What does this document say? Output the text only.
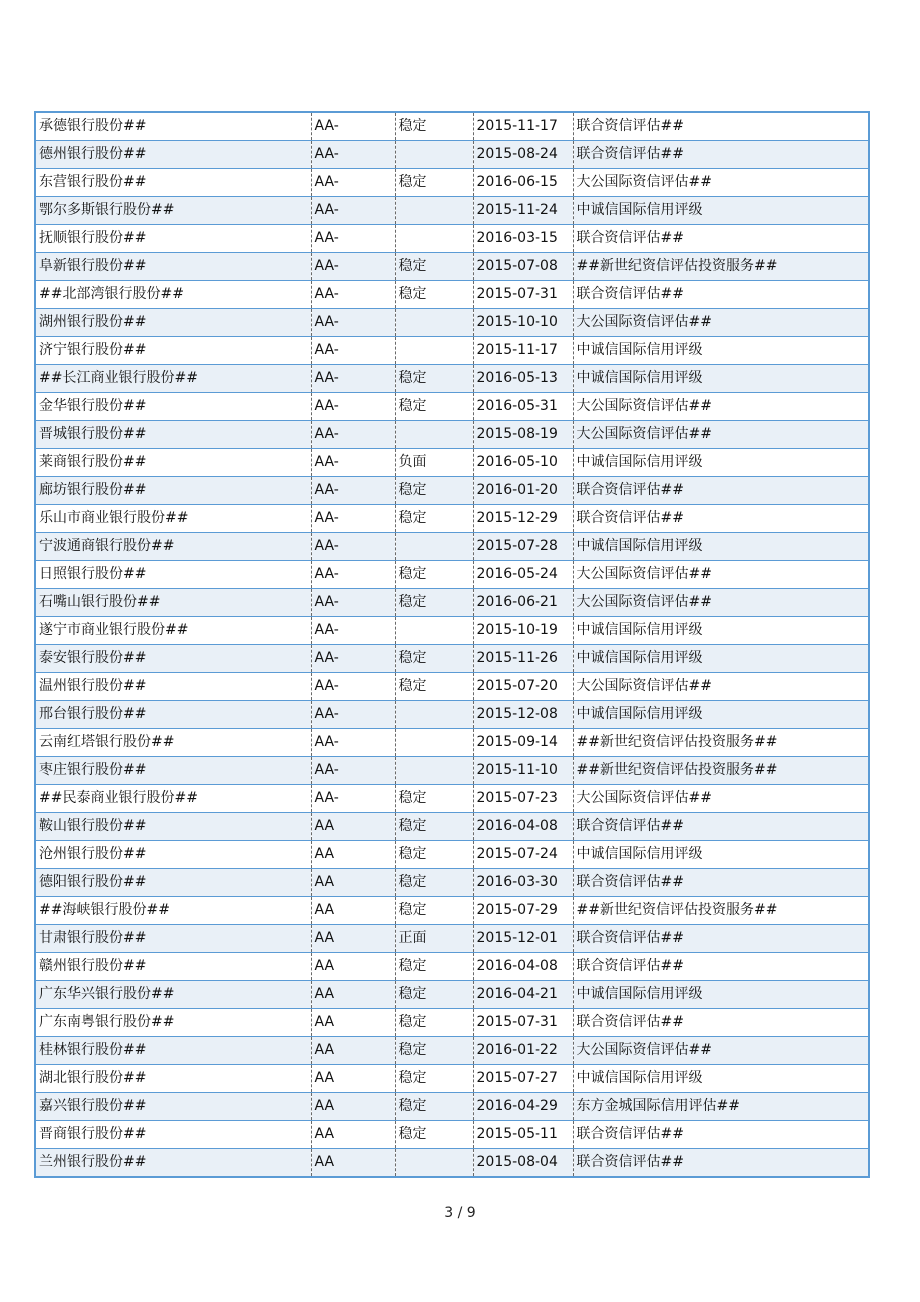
承德银行股份##	AA-	稳定	2015-11-17	联合资信评估##
德州银行股份##	AA-		2015-08-24	联合资信评估##
东营银行股份##	AA-	稳定	2016-06-15	大公国际资信评估##
鄂尔多斯银行股份##	AA-		2015-11-24	中诚信国际信用评级
抚顺银行股份##	AA-		2016-03-15	联合资信评估##
阜新银行股份##	AA-	稳定	2015-07-08	##新世纪资信评估投资服务##
##北部湾银行股份##	AA-	稳定	2015-07-31	联合资信评估##
湖州银行股份##	AA-		2015-10-10	大公国际资信评估##
济宁银行股份##	AA-		2015-11-17	中诚信国际信用评级
##长江商业银行股份##	AA-	稳定	2016-05-13	中诚信国际信用评级
金华银行股份##	AA-	稳定	2016-05-31	大公国际资信评估##
晋城银行股份##	AA-		2015-08-19	大公国际资信评估##
莱商银行股份##	AA-	负面	2016-05-10	中诚信国际信用评级
廊坊银行股份##	AA-	稳定	2016-01-20	联合资信评估##
乐山市商业银行股份##	AA-	稳定	2015-12-29	联合资信评估##
宁波通商银行股份##	AA-		2015-07-28	中诚信国际信用评级
日照银行股份##	AA-	稳定	2016-05-24	大公国际资信评估##
石嘴山银行股份##	AA-	稳定	2016-06-21	大公国际资信评估##
遂宁市商业银行股份##	AA-		2015-10-19	中诚信国际信用评级
泰安银行股份##	AA-	稳定	2015-11-26	中诚信国际信用评级
温州银行股份##	AA-	稳定	2015-07-20	大公国际资信评估##
邢台银行股份##	AA-		2015-12-08	中诚信国际信用评级
云南红塔银行股份##	AA-		2015-09-14	##新世纪资信评估投资服务##
枣庄银行股份##	AA-		2015-11-10	##新世纪资信评估投资服务##
##民泰商业银行股份##	AA-	稳定	2015-07-23	大公国际资信评估##
鞍山银行股份##	AA	稳定	2016-04-08	联合资信评估##
沧州银行股份##	AA	稳定	2015-07-24	中诚信国际信用评级
德阳银行股份##	AA	稳定	2016-03-30	联合资信评估##
##海峡银行股份##	AA	稳定	2015-07-29	##新世纪资信评估投资服务##
甘肃银行股份##	AA	正面	2015-12-01	联合资信评估##
赣州银行股份##	AA	稳定	2016-04-08	联合资信评估##
广东华兴银行股份##	AA	稳定	2016-04-21	中诚信国际信用评级
广东南粤银行股份##	AA	稳定	2015-07-31	联合资信评估##
桂林银行股份##	AA	稳定	2016-01-22	大公国际资信评估##
湖北银行股份##	AA	稳定	2015-07-27	中诚信国际信用评级
嘉兴银行股份##	AA	稳定	2016-04-29	东方金城国际信用评估##
晋商银行股份##	AA	稳定	2015-05-11	联合资信评估##
兰州银行股份##	AA		2015-08-04	联合资信评估##
3 / 9
